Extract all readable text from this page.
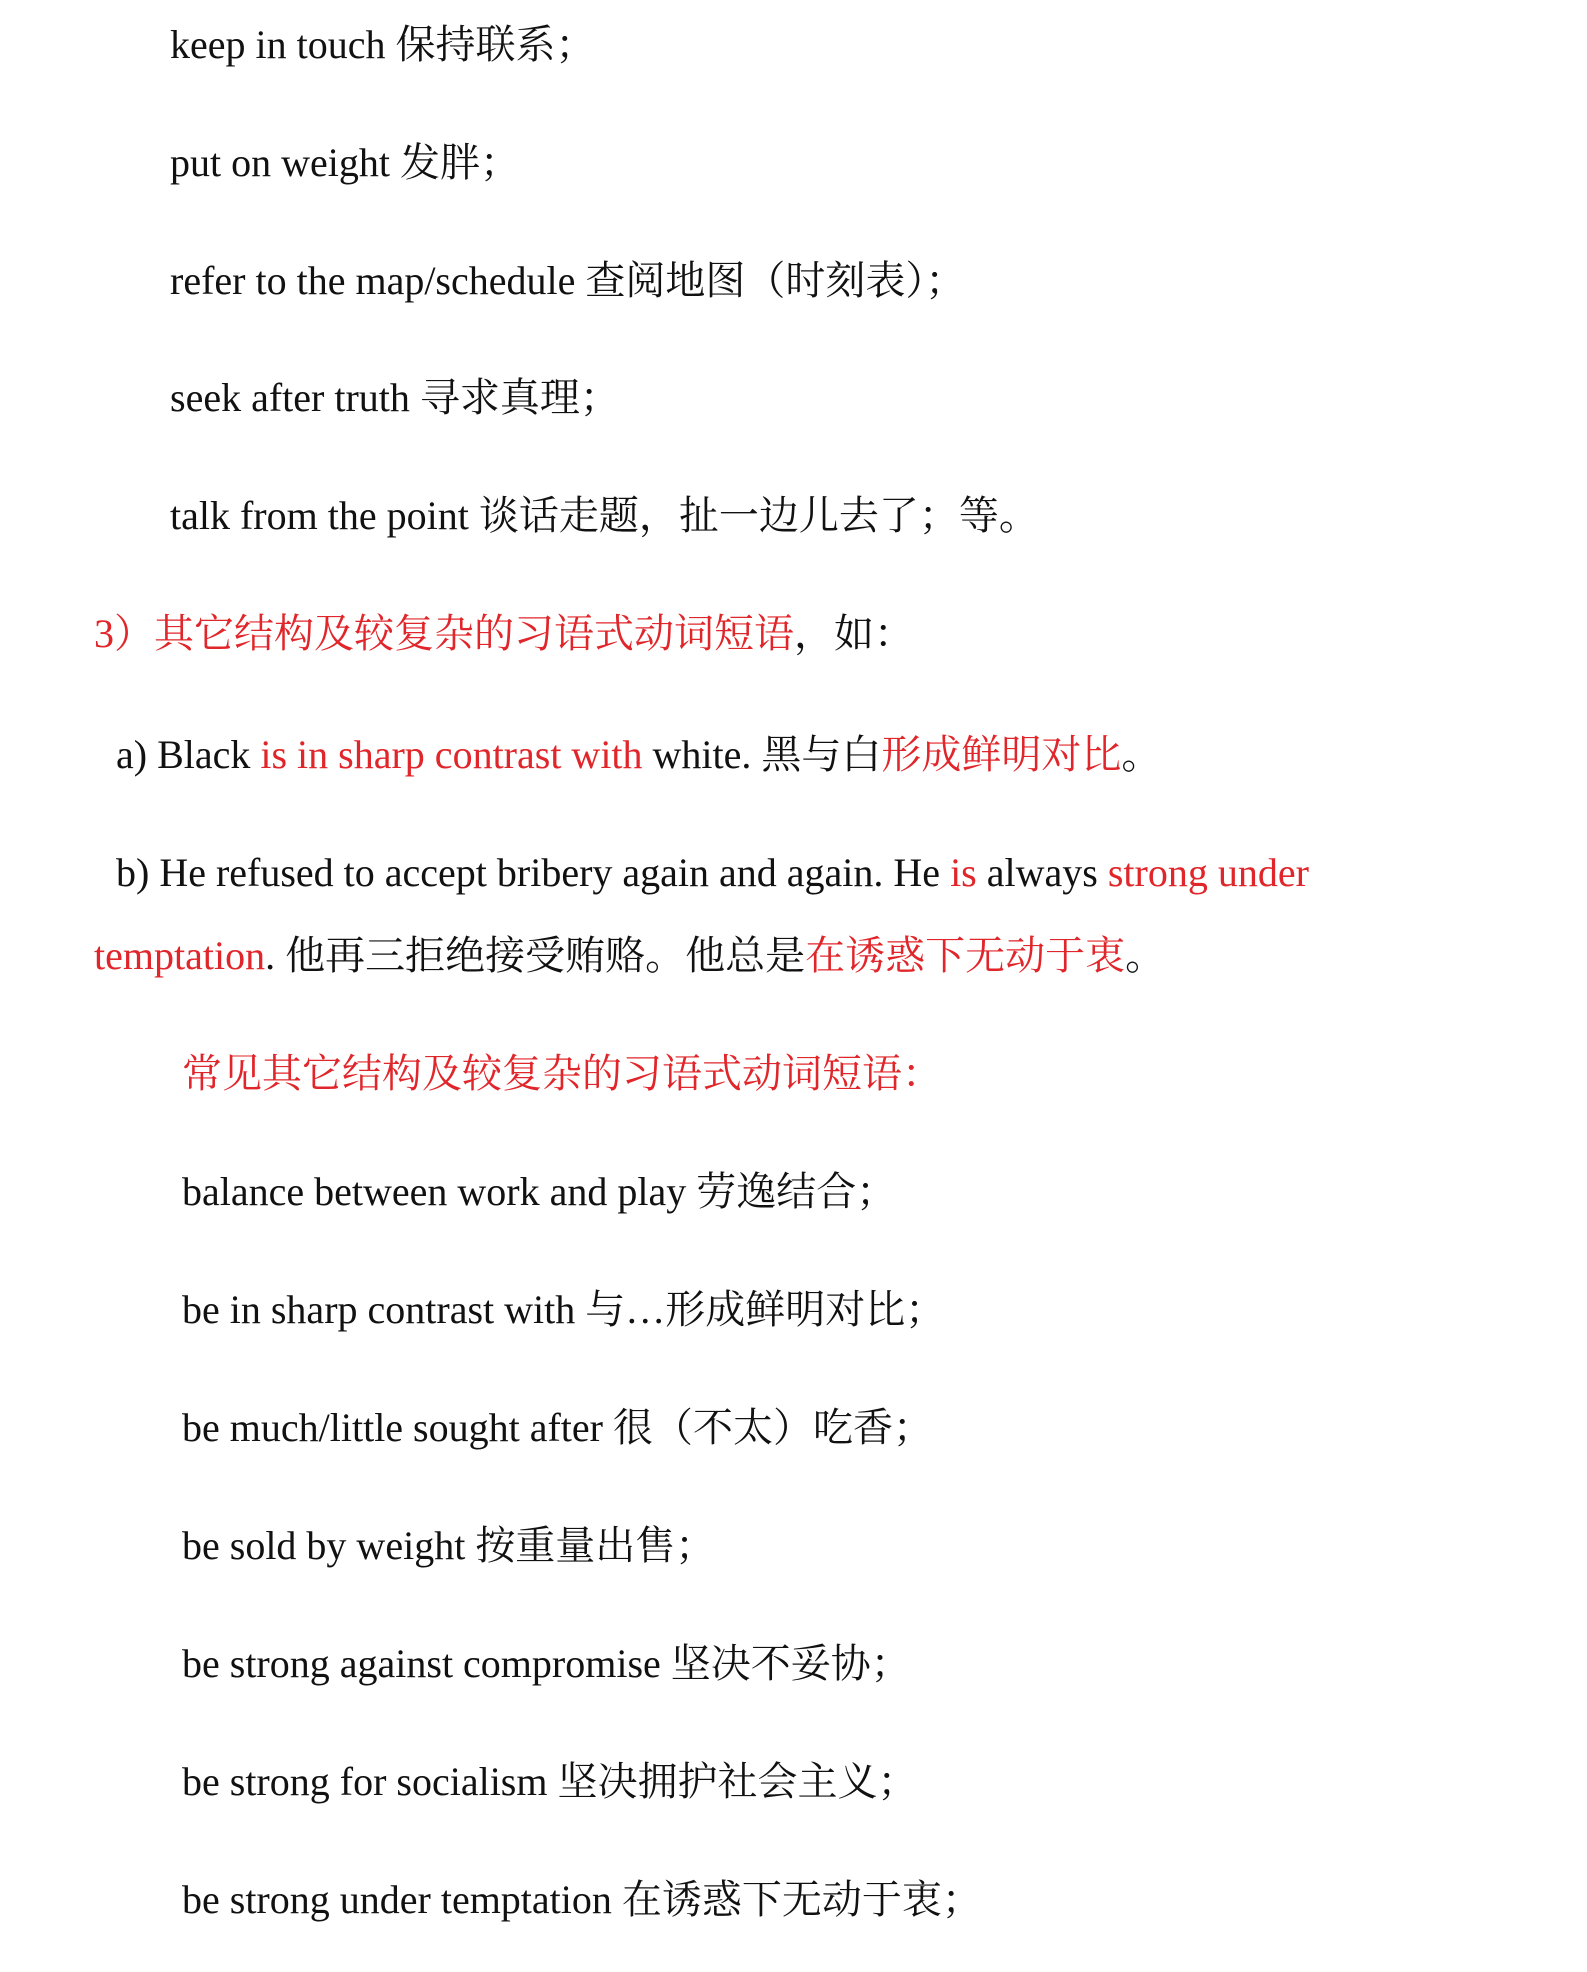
keep in touch 保持联系；
put on weight 发胖；
refer to the map/schedule 查阅地图（时刻表）；
seek after truth 寻求真理；
talk from the point 谈话走题，扯一边儿去了；等。
3）其它结构及较复杂的习语式动词短语，如：
a) Black is in sharp contrast with white. 黑与白形成鲜明对比。
b) He refused to accept bribery again and again. He is always strong under
temptation. 他再三拒绝接受贿赂。他总是在诱惑下无动于衷。
常见其它结构及较复杂的习语式动词短语：
balance between work and play 劳逸结合；
be in sharp contrast with 与…形成鲜明对比；
be much/little sought after 很（不太）吃香；
be sold by weight 按重量出售；
be strong against compromise 坚决不妥协；
be strong for socialism 坚决拥护社会主义；
be strong under temptation 在诱惑下无动于衷；
